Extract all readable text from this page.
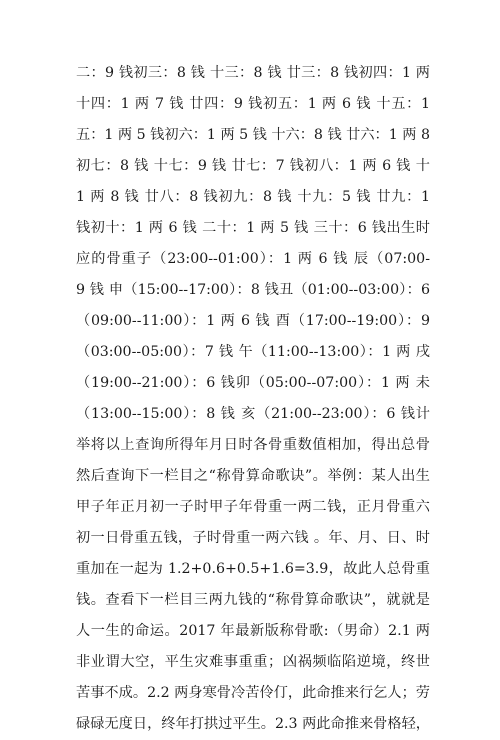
二：9 钱初三：8 钱 十三：8 钱 廿三：8 钱初四：1 两
十四：1 两 7 钱 廿四：9 钱初五：1 两 6 钱 十五：1
五：1 两 5 钱初六：1 两 5 钱 十六：8 钱 廿六：1 两 8
初七：8 钱 十七：9 钱 廿七：7 钱初八：1 两 6 钱 十
1 两 8 钱 廿八：8 钱初九：8 钱 十九：5 钱 廿九：1
钱初十：1 两 6 钱 二十：1 两 5 钱 三十：6 钱出生时
应的骨重子（23:00--01:00）：1 两 6 钱 辰（07:00-
9 钱 申（15:00--17:00）：8 钱丑（01:00--03:00）：6
（09:00--11:00）：1 两 6 钱 酉（17:00--19:00）：9
（03:00--05:00）：7 钱 午（11:00--13:00）：1 两 戌
（19:00--21:00）：6 钱卯（05:00--07:00）：1 两 未
（13:00--15:00）：8 钱 亥（21:00--23:00）：6 钱计
举将以上查询所得年月日时各骨重数值相加，得出总骨
然后查询下一栏目之“称骨算命歌诀”。举例：某人出生
甲子年正月初一子时甲子年骨重一两二钱，正月骨重六
初一日骨重五钱，子时骨重一两六钱 。年、月、日、时
重加在一起为 1.2+0.6+0.5+1.6=3.9，故此人总骨重
钱。查看下一栏目三两九钱的“称骨算命歌诀”，就就是
人一生的命运。2017 年最新版称骨歌:（男命）2.1 两
非业谓大空，平生灾难事重重；凶祸频临陷逆境，终世
苦事不成。2.2 两身寒骨冷苦伶仃，此命推来行乞人；劳
碌碌无度日，终年打拱过平生。2.3 两此命推来骨格轻，
